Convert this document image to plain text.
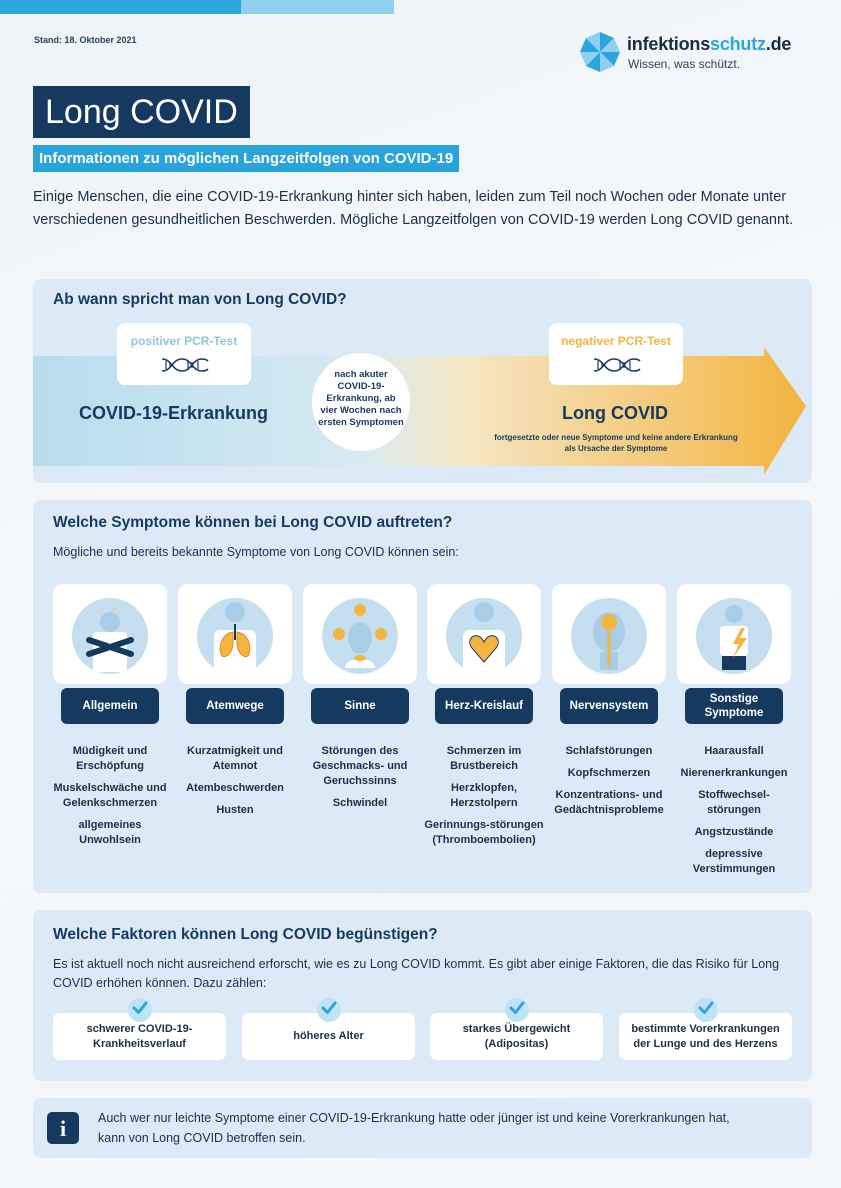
Stand: 18. Oktober 2021	infektionsschutz.de
Wissen, was schützt.
Long COVID
Informationen zu möglichen Langzeitfolgen von COVID-19

Einige Menschen, die eine COVID-19-Erkrankung hinter sich haben, leiden zum Teil noch Wochen oder Monate unter verschiedenen gesundheitlichen Beschwerden. Mögliche Langzeitfolgen von COVID-19 werden Long COVID genannt.

Ab wann spricht man von Long COVID?
positiver PCR-Test	negativer PCR-Test
COVID-19-Erkrankung	Long COVID
fortgesetzte oder neue Symptome und keine andere Erkrankung als Ursache der Symptome
nach akuter COVID-19-Erkrankung, ab vier Wochen nach ersten Symptomen
Welche Symptome können bei Long COVID auftreten?
Mögliche und bereits bekannte Symptome von Long COVID können sein:
ᶻ
Allgemein
Müdigkeit und Erschöpfung
Muskelschwäche und Gelenkschmerzen
allgemeines Unwohlsein
Atemwege
Kurzatmigkeit und Atemnot
Atembeschwerden
Husten
Sinne
Störungen des Geschmacks- und Geruchssinns
Schwindel
Herz-Kreislauf
Schmerzen im Brustbereich
Herzklopfen, Herzstolpern
Gerinnungs-störungen (Thromboembolien)
Nervensystem
Schlafstörungen
Kopfschmerzen
Konzentrations- und Gedächtnisprobleme
Sonstige Symptome
Haarausfall
Nierenerkrankungen
Stoffwechsel-störungen
Angstzustände
depressive Verstimmungen
Welche Faktoren können Long COVID begünstigen?
Es ist aktuell noch nicht ausreichend erforscht, wie es zu Long COVID kommt. Es gibt aber einige Faktoren, die das Risiko für Long COVID erhöhen können. Dazu zählen:
schwerer COVID-19-Krankheitsverlauf
höheres Alter
starkes Übergewicht (Adipositas)
bestimmte Vorerkrankungen der Lunge und des Herzens
i	Auch wer nur leichte Symptome einer COVID-19-Erkrankung hatte oder jünger ist und keine Vorerkrankungen hat, kann von Long COVID betroffen sein.
